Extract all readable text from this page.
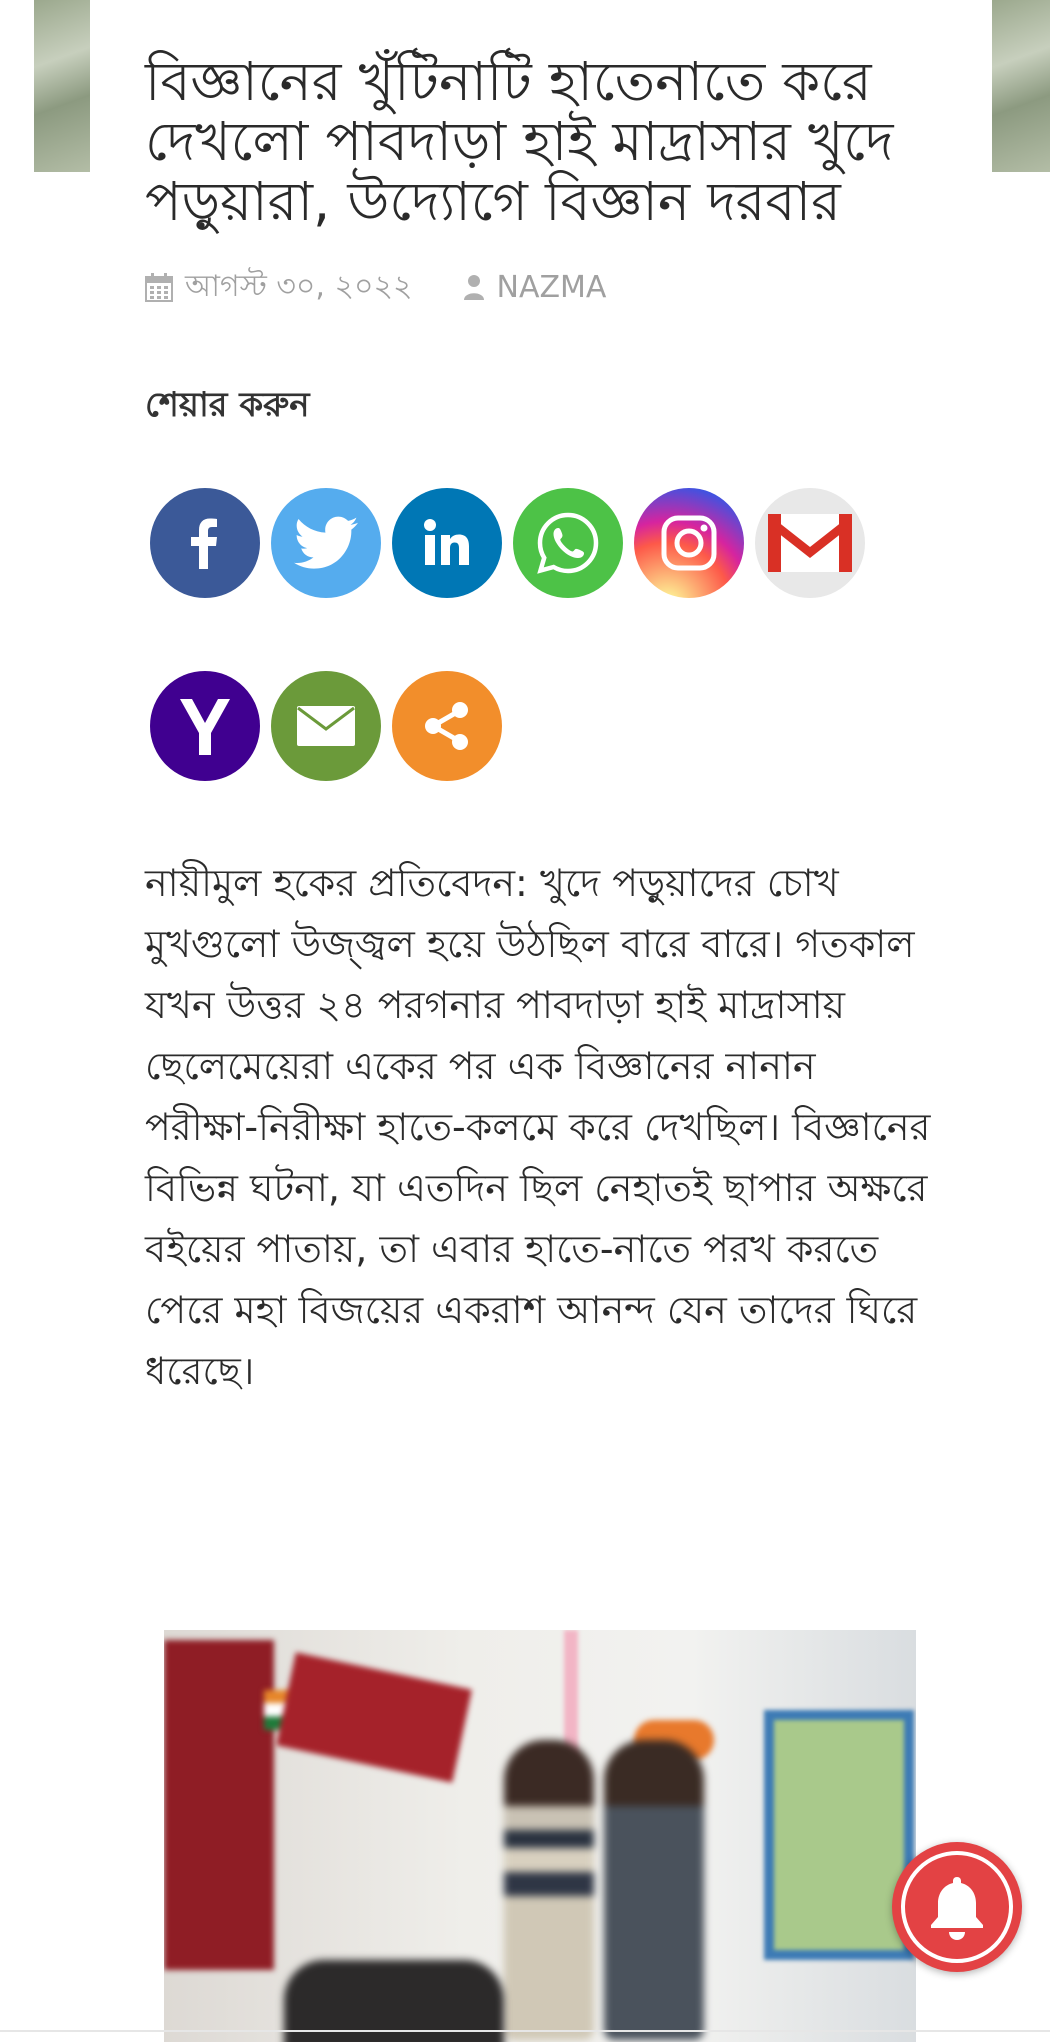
বিজ্ঞানের খুঁটিনাটি হাতেনাতে করে দেখলো পাবদাড়া হাই মাদ্রাসার খুদে পড়ুয়ারা, উদ্যোগে বিজ্ঞান দরবার
আগস্ট ৩০, ২০২২	NAZMA
শেয়ার করুন
নায়ীমুল হকের প্রতিবেদন: খুদে পড়ুয়াদের চোখ মুখগুলো উজ্জ্বল হয়ে উঠছিল বারে বারে। গতকাল যখন উত্তর ২৪ পরগনার পাবদাড়া হাই মাদ্রাসায় ছেলেমেয়েরা একের পর এক বিজ্ঞানের নানান পরীক্ষা-নিরীক্ষা হাতে-কলমে করে দেখছিল। বিজ্ঞানের বিভিন্ন ঘটনা, যা এতদিন ছিল নেহাতই ছাপার অক্ষরে বইয়ের পাতায়, তা এবার হাতে-নাতে পরখ করতে পেরে মহা বিজয়ের একরাশ আনন্দ যেন তাদের ঘিরে ধরেছে।
